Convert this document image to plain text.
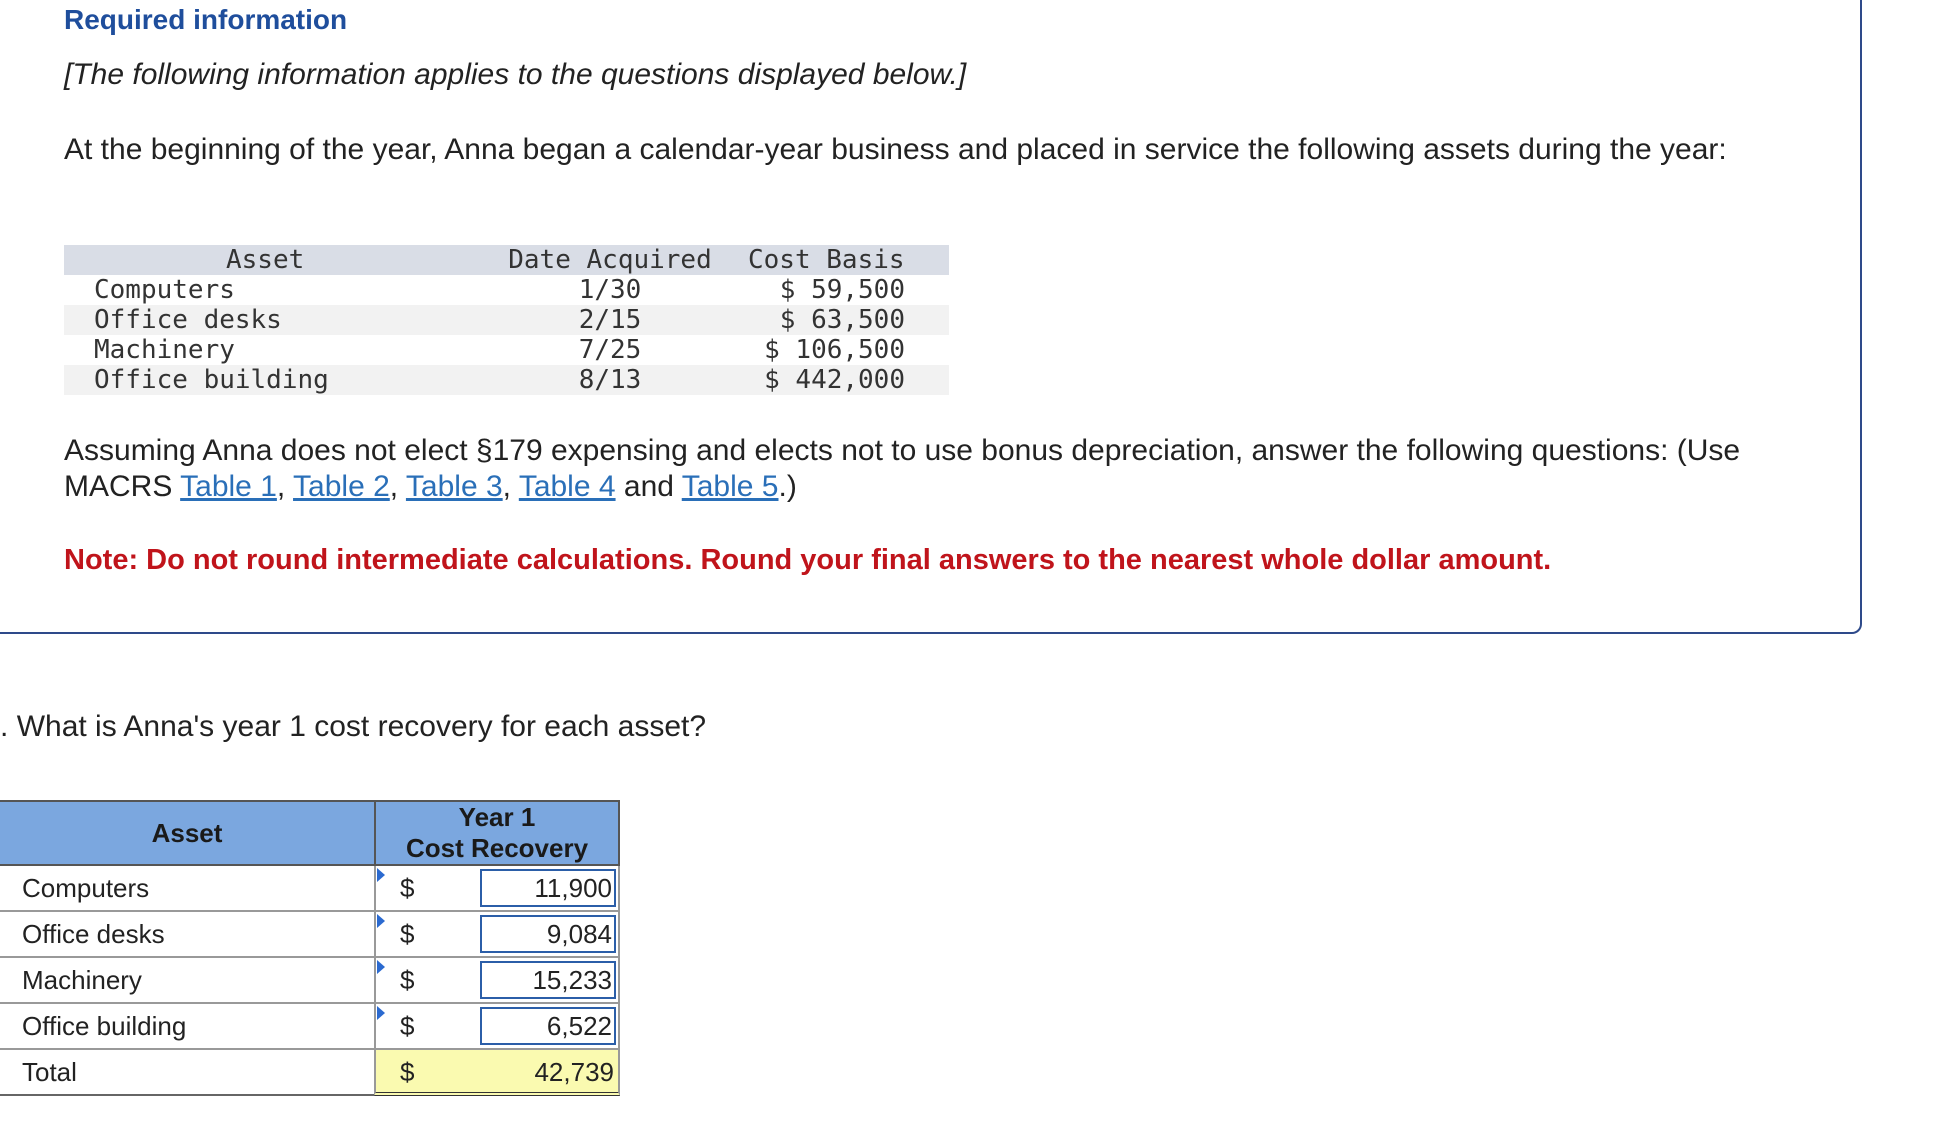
Required information
[The following information applies to the questions displayed below.]
At the beginning of the year, Anna began a calendar-year business and placed in service the following assets during the year:
Asset	Date Acquired	Cost Basis
Computers	1/30	$ 59,500
Office desks	2/15	$ 63,500
Machinery	7/25	$ 106,500
Office building	8/13	$ 442,000
Assuming Anna does not elect §179 expensing and elects not to use bonus depreciation, answer the following questions: (Use MACRS Table 1, Table 2, Table 3, Table 4 and Table 5.)
Note: Do not round intermediate calculations. Round your final answers to the nearest whole dollar amount.
. What is Anna's year 1 cost recovery for each asset?
Asset
Year 1
Cost Recovery
Computers	$	11,900
Office desks	$	9,084
Machinery	$	15,233
Office building	$	6,522
Total	$	42,739
